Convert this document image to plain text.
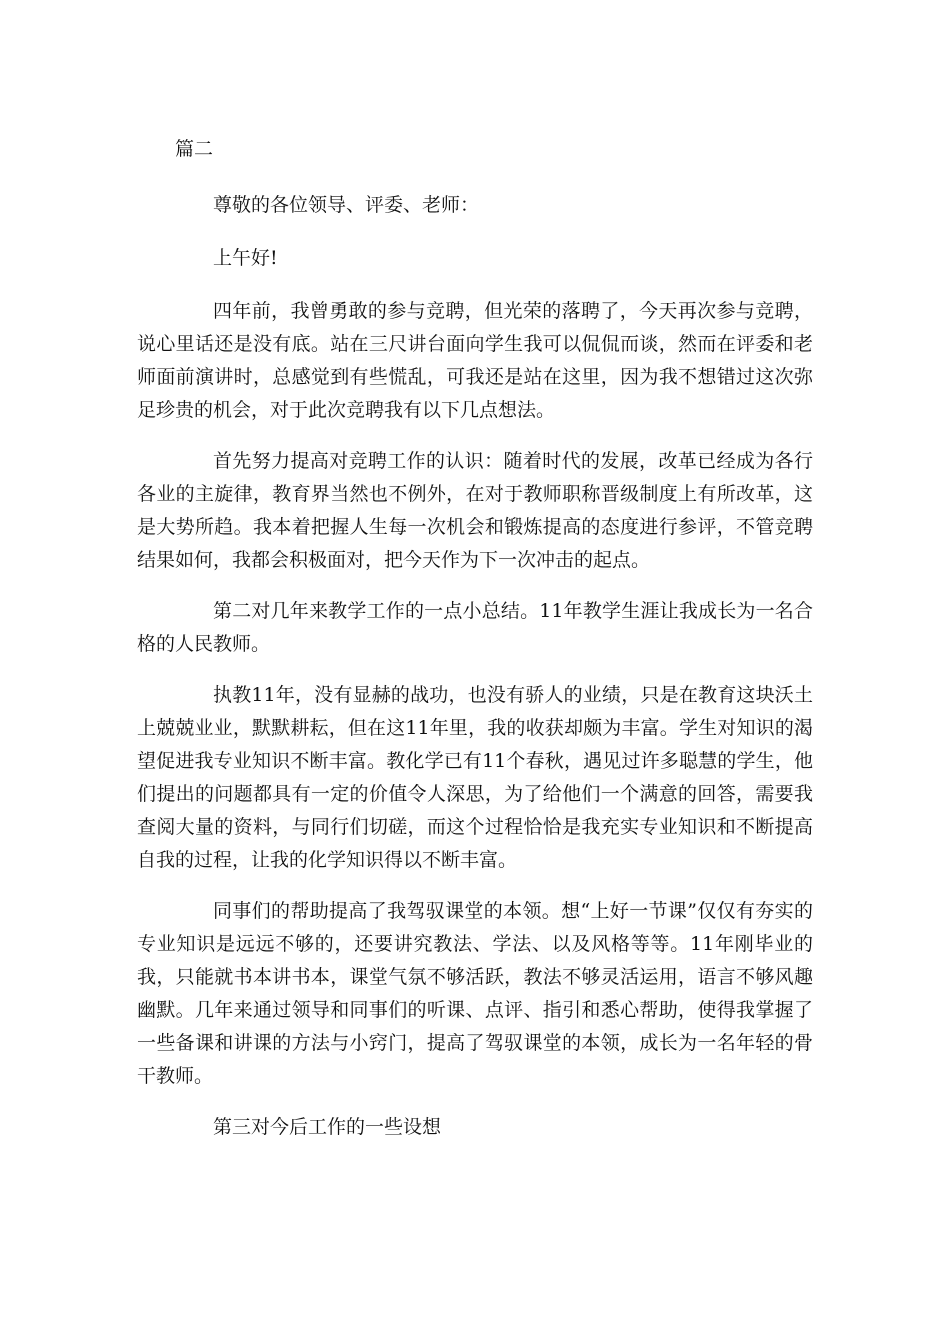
篇二

尊敬的各位领导、评委、老师：

上午好!

四年前，我曾勇敢的参与竞聘，但光荣的落聘了，今天再次参与竞聘，说心里话还是没有底。站在三尺讲台面向学生我可以侃侃而谈，然而在评委和老师面前演讲时，总感觉到有些慌乱，可我还是站在这里，因为我不想错过这次弥足珍贵的机会，对于此次竞聘我有以下几点想法。

首先努力提高对竞聘工作的认识：随着时代的发展，改革已经成为各行各业的主旋律，教育界当然也不例外，在对于教师职称晋级制度上有所改革，这是大势所趋。我本着把握人生每一次机会和锻炼提高的态度进行参评，不管竞聘结果如何，我都会积极面对，把今天作为下一次冲击的起点。

第二对几年来教学工作的一点小总结。11年教学生涯让我成长为一名合格的人民教师。

执教11年，没有显赫的战功，也没有骄人的业绩，只是在教育这块沃土上兢兢业业，默默耕耘，但在这11年里，我的收获却颇为丰富。学生对知识的渴望促进我专业知识不断丰富。教化学已有11个春秋，遇见过许多聪慧的学生，他们提出的问题都具有一定的价值令人深思，为了给他们一个满意的回答，需要我查阅大量的资料，与同行们切磋，而这个过程恰恰是我充实专业知识和不断提高自我的过程，让我的化学知识得以不断丰富。

同事们的帮助提高了我驾驭课堂的本领。想“上好一节课”仅仅有夯实的专业知识是远远不够的，还要讲究教法、学法、以及风格等等。11年刚毕业的我，只能就书本讲书本，课堂气氛不够活跃，教法不够灵活运用，语言不够风趣幽默。几年来通过领导和同事们的听课、点评、指引和悉心帮助，使得我掌握了一些备课和讲课的方法与小窍门，提高了驾驭课堂的本领，成长为一名年轻的骨干教师。

第三对今后工作的一些设想
